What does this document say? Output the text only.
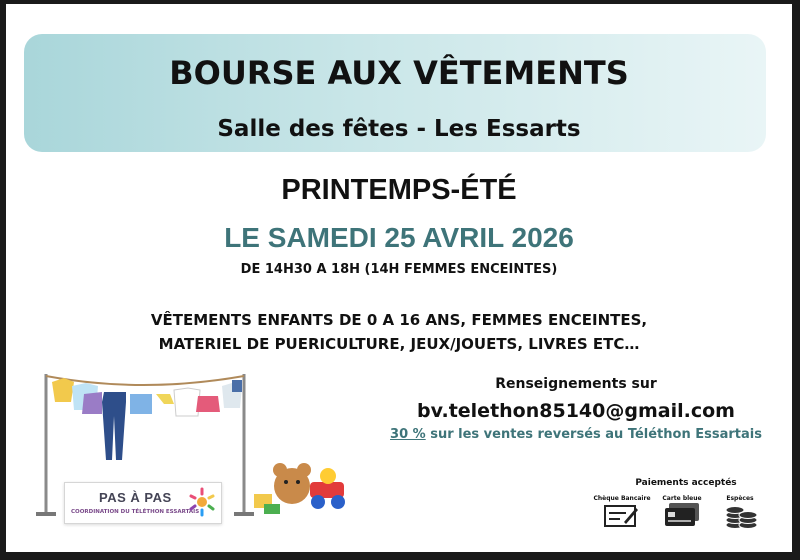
BOURSE AUX VÊTEMENTS
Salle des fêtes - Les Essarts
PRINTEMPS-ÉTÉ
LE SAMEDI 25 AVRIL 2026
DE 14H30 A 18H (14H FEMMES ENCEINTES)
VÊTEMENTS ENFANTS DE 0 A 16 ANS, FEMMES ENCEINTES,
MATERIEL DE PUERICULTURE, JEUX/JOUETS, LIVRES ETC…
Renseignements sur
bv.telethon85140@gmail.com
30 % sur les ventes reversés au Téléthon Essartais
PAS À PAS
COORDINATION DU TÉLÉTHON ESSARTAIS
Paiements acceptés
Chèque Bancaire	Carte bleue	Espèces
